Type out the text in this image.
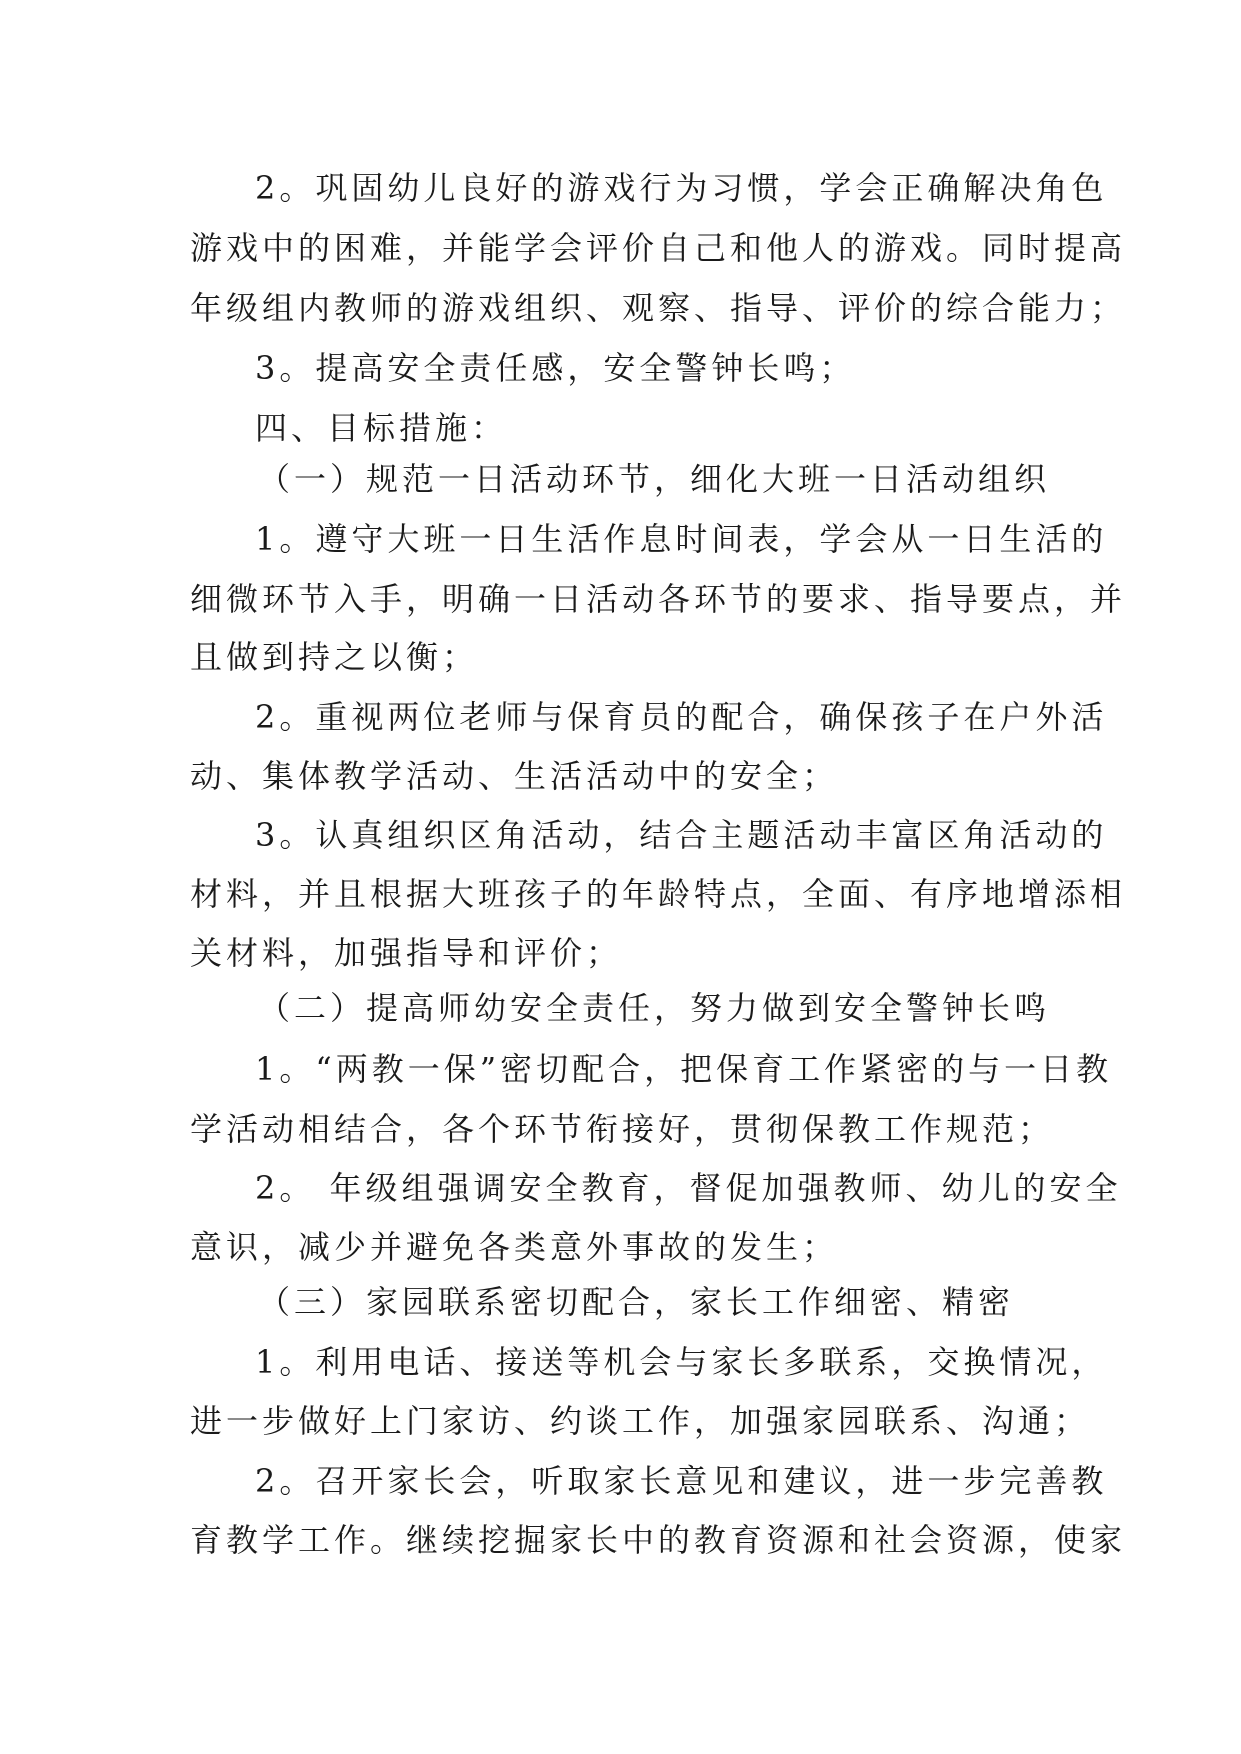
2。巩固幼儿良好的游戏行为习惯，学会正确解决角色
游戏中的困难，并能学会评价自己和他人的游戏。同时提高
年级组内教师的游戏组织、观察、指导、评价的综合能力；
3。提高安全责任感，安全警钟长鸣；
四、目标措施：
（一）规范一日活动环节，细化大班一日活动组织
1。遵守大班一日生活作息时间表，学会从一日生活的
细微环节入手，明确一日活动各环节的要求、指导要点，并
且做到持之以衡；
2。重视两位老师与保育员的配合，确保孩子在户外活
动、集体教学活动、生活活动中的安全；
3。认真组织区角活动，结合主题活动丰富区角活动的
材料，并且根据大班孩子的年龄特点，全面、有序地增添相
关材料，加强指导和评价；
（二）提高师幼安全责任，努力做到安全警钟长鸣
1。“两教一保”密切配合，把保育工作紧密的与一日教
学活动相结合，各个环节衔接好，贯彻保教工作规范；
2。 年级组强调安全教育，督促加强教师、幼儿的安全
意识，减少并避免各类意外事故的发生；
（三）家园联系密切配合，家长工作细密、精密
1。利用电话、接送等机会与家长多联系，交换情况，
进一步做好上门家访、约谈工作，加强家园联系、沟通；
2。召开家长会，听取家长意见和建议，进一步完善教
育教学工作。继续挖掘家长中的教育资源和社会资源，使家
